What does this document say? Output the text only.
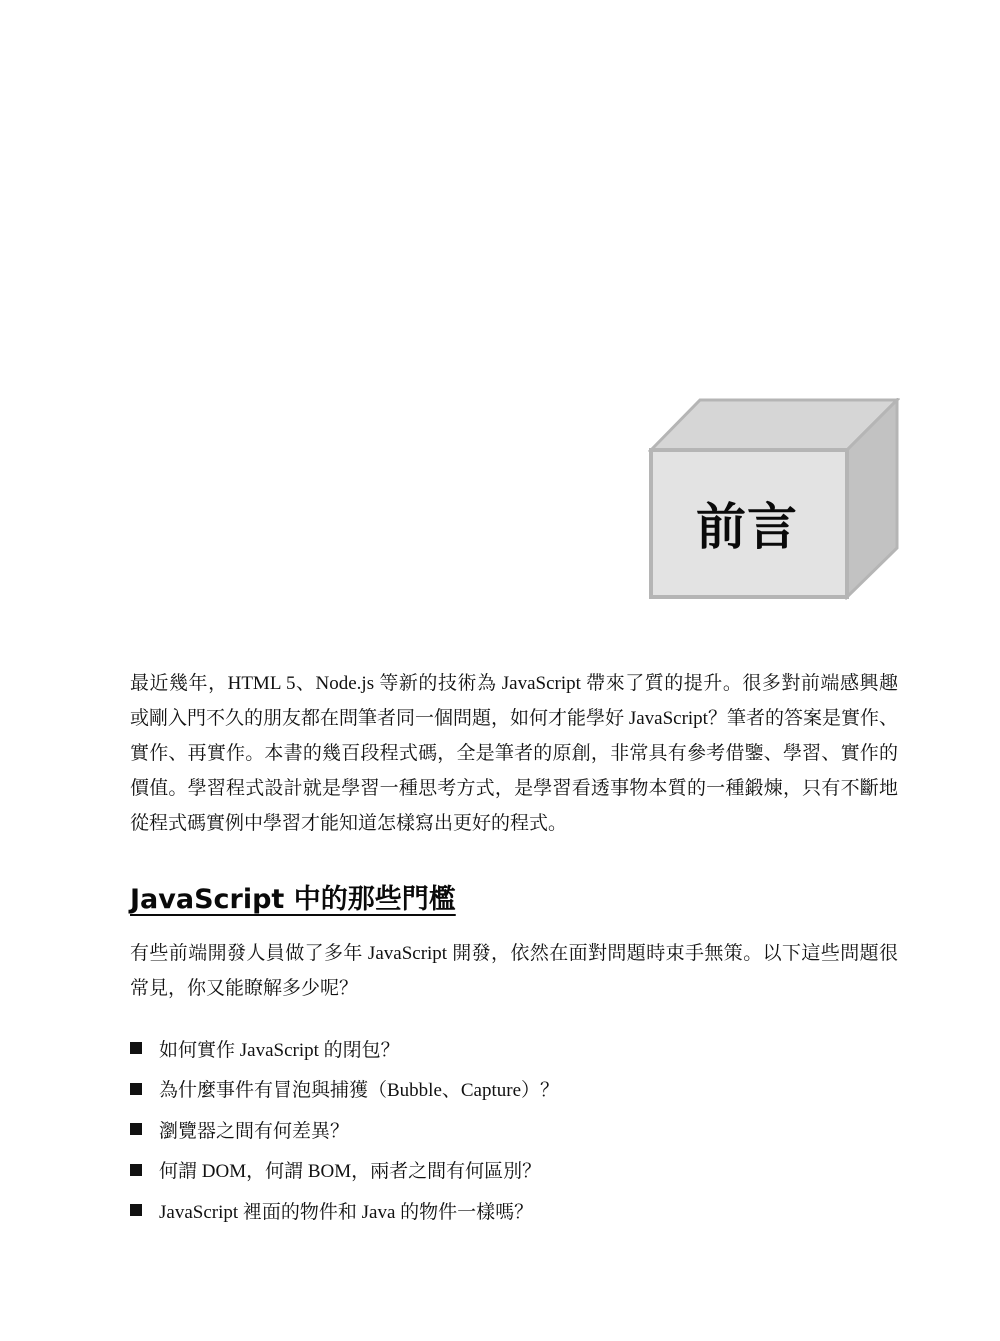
前言

最近幾年，HTML 5、Node.js 等新的技術為 JavaScript 帶來了質的提升。很多對前端感興趣或剛入門不久的朋友都在問筆者同一個問題，如何才能學好 JavaScript？筆者的答案是實作、實作、再實作。本書的幾百段程式碼，全是筆者的原創，非常具有參考借鑒、學習、實作的價值。學習程式設計就是學習一種思考方式，是學習看透事物本質的一種鍛煉，只有不斷地從程式碼實例中學習才能知道怎樣寫出更好的程式。

JavaScript 中的那些門檻

有些前端開發人員做了多年 JavaScript 開發，依然在面對問題時束手無策。以下這些問題很常見，你又能瞭解多少呢？

如何實作 JavaScript 的閉包？
為什麼事件有冒泡與捕獲（Bubble、Capture）？
瀏覽器之間有何差異？
何謂 DOM，何謂 BOM，兩者之間有何區別？
JavaScript 裡面的物件和 Java 的物件一樣嗎？
